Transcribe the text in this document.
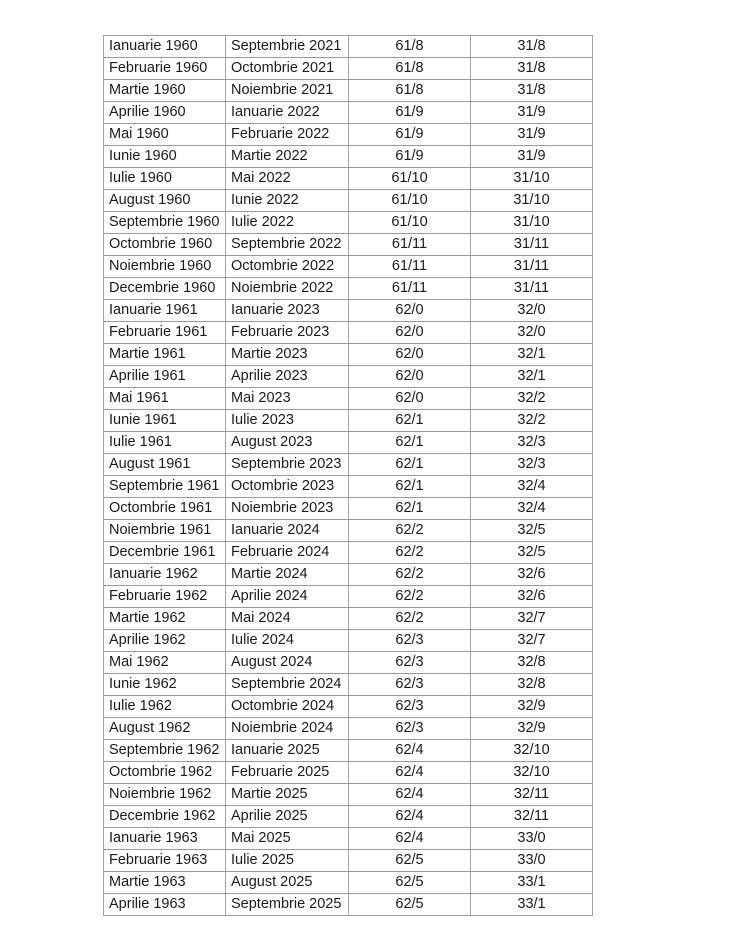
Ianuarie 1960	Septembrie 2021	61/8	31/8
Februarie 1960	Octombrie 2021	61/8	31/8
Martie 1960	Noiembrie 2021	61/8	31/8
Aprilie 1960	Ianuarie 2022	61/9	31/9
Mai 1960	Februarie 2022	61/9	31/9
Iunie 1960	Martie 2022	61/9	31/9
Iulie 1960	Mai 2022	61/10	31/10
August 1960	Iunie 2022	61/10	31/10
Septembrie 1960	Iulie 2022	61/10	31/10
Octombrie 1960	Septembrie 2022	61/11	31/11
Noiembrie 1960	Octombrie 2022	61/11	31/11
Decembrie 1960	Noiembrie 2022	61/11	31/11
Ianuarie 1961	Ianuarie 2023	62/0	32/0
Februarie 1961	Februarie 2023	62/0	32/0
Martie 1961	Martie 2023	62/0	32/1
Aprilie 1961	Aprilie 2023	62/0	32/1
Mai 1961	Mai 2023	62/0	32/2
Iunie 1961	Iulie 2023	62/1	32/2
Iulie 1961	August 2023	62/1	32/3
August 1961	Septembrie 2023	62/1	32/3
Septembrie 1961	Octombrie 2023	62/1	32/4
Octombrie 1961	Noiembrie 2023	62/1	32/4
Noiembrie 1961	Ianuarie 2024	62/2	32/5
Decembrie 1961	Februarie 2024	62/2	32/5
Ianuarie 1962	Martie 2024	62/2	32/6
Februarie 1962	Aprilie 2024	62/2	32/6
Martie 1962	Mai 2024	62/2	32/7
Aprilie 1962	Iulie 2024	62/3	32/7
Mai 1962	August 2024	62/3	32/8
Iunie 1962	Septembrie 2024	62/3	32/8
Iulie 1962	Octombrie 2024	62/3	32/9
August 1962	Noiembrie 2024	62/3	32/9
Septembrie 1962	Ianuarie 2025	62/4	32/10
Octombrie 1962	Februarie 2025	62/4	32/10
Noiembrie 1962	Martie 2025	62/4	32/11
Decembrie 1962	Aprilie 2025	62/4	32/11
Ianuarie 1963	Mai 2025	62/4	33/0
Februarie 1963	Iulie 2025	62/5	33/0
Martie 1963	August 2025	62/5	33/1
Aprilie 1963	Septembrie 2025	62/5	33/1
